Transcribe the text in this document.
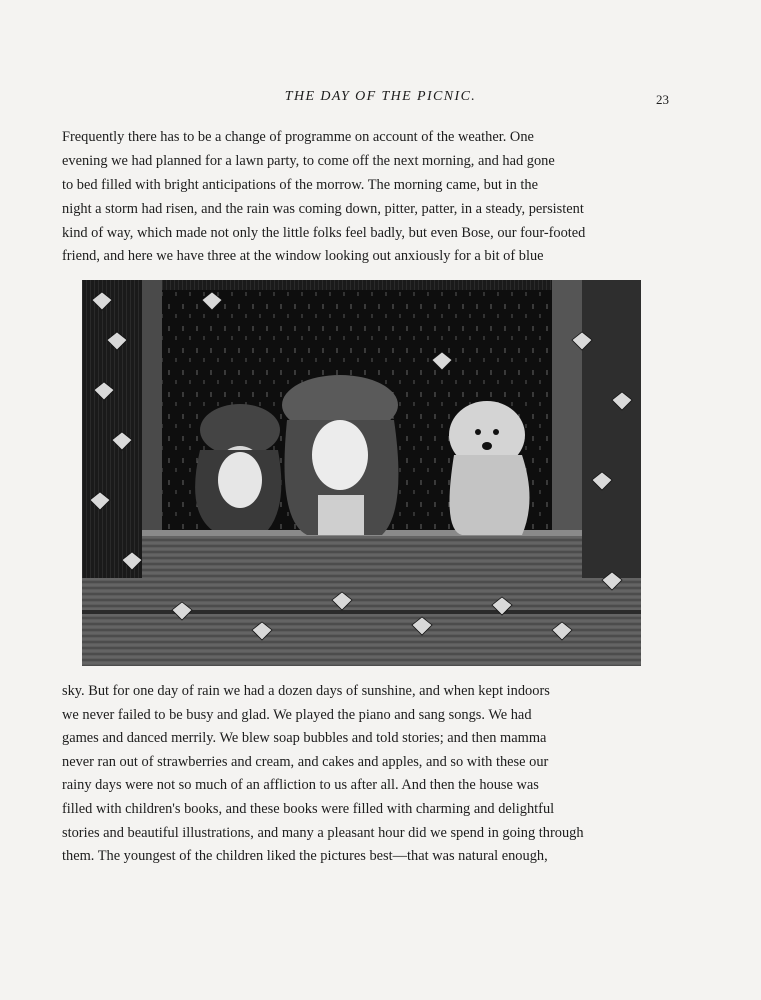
THE DAY OF THE PICNIC.	23
Frequently there has to be a change of programme on account of the weather. One
evening we had planned for a lawn party, to come off the next morning, and had gone
to bed filled with bright anticipations of the morrow. The morning came, but in the
night a storm had risen, and the rain was coming down, pitter, patter, in a steady, persistent
kind of way, which made not only the little folks feel badly, but even Bose, our four-footed
friend, and here we have three at the window looking out anxiously for a bit of blue
sky. But for one day of rain we had a dozen days of sunshine, and when kept indoors
we never failed to be busy and glad. We played the piano and sang songs. We had
games and danced merrily. We blew soap bubbles and told stories; and then mamma
never ran out of strawberries and cream, and cakes and apples, and so with these our
rainy days were not so much of an affliction to us after all. And then the house was
filled with children's books, and these books were filled with charming and delightful
stories and beautiful illustrations, and many a pleasant hour did we spend in going through
them. The youngest of the children liked the pictures best—that was natural enough,
